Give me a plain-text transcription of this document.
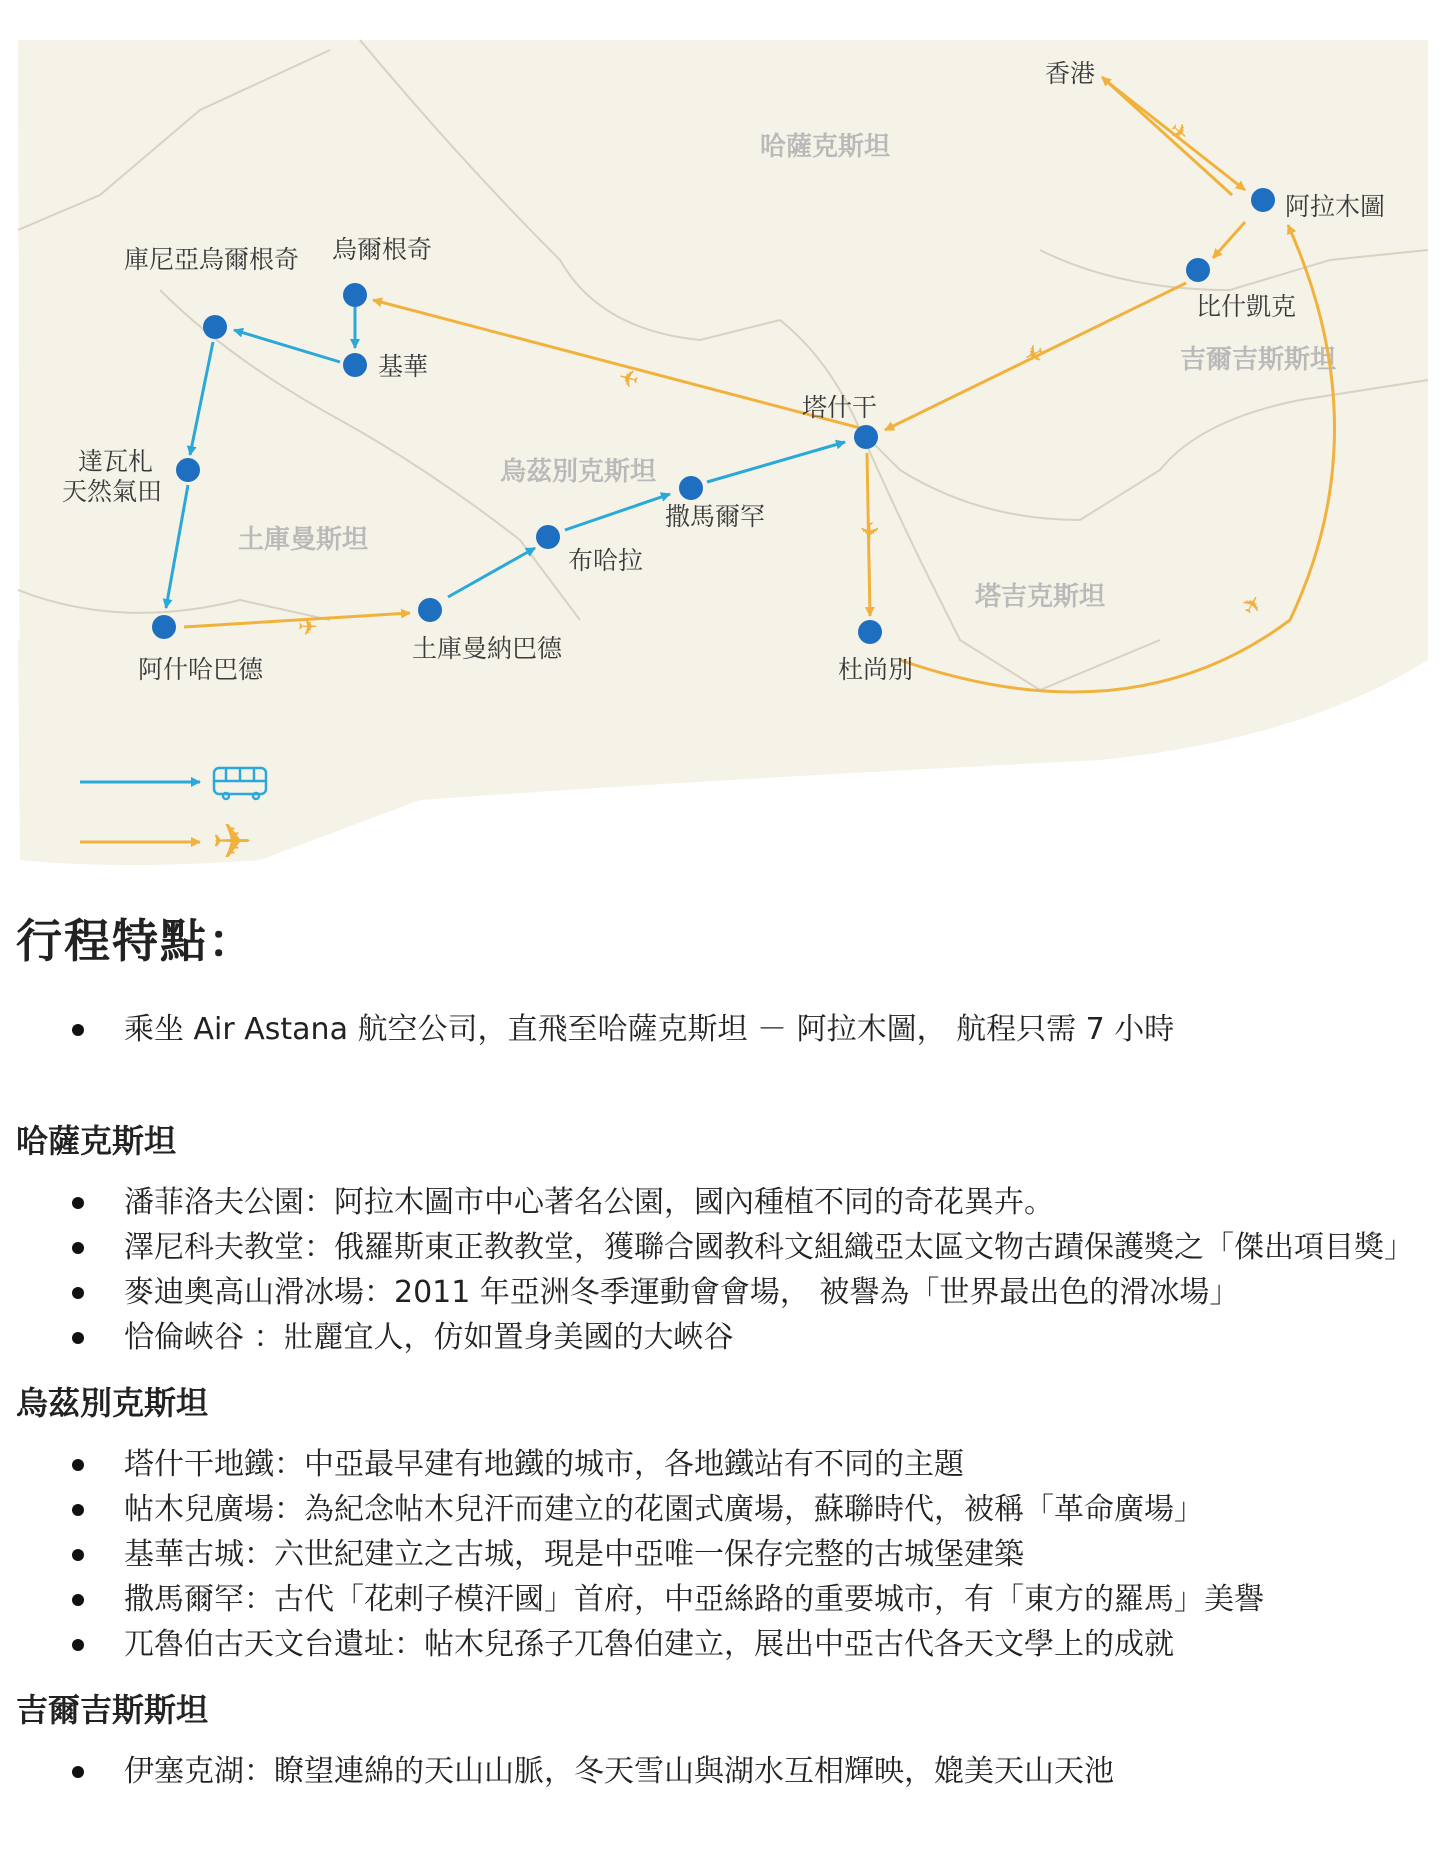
哈薩克斯坦
吉爾吉斯斯坦
烏茲別克斯坦
土庫曼斯坦
塔吉克斯坦
✈
✈
✈
✈
✈
✈
香港
阿拉木圖
比什凱克
塔什干
杜尚別
撒馬爾罕
布哈拉
土庫曼納巴德
阿什哈巴德
達瓦札
天然氣田
庫尼亞烏爾根奇 烏爾根奇
基華
✈
行程特點：
乘坐 Air Astana 航空公司，直飛至哈薩克斯坦 － 阿拉木圖， 航程只需 7 小時
哈薩克斯坦
潘菲洛夫公園：阿拉木圖市中心著名公園，國內種植不同的奇花異卉。
澤尼科夫教堂：俄羅斯東正教教堂，獲聯合國教科文組織亞太區文物古蹟保護獎之「傑出項目獎」
麥迪奧高山滑冰場：2011 年亞洲冬季運動會會場， 被譽為「世界最出色的滑冰場」
恰倫峽谷 ：壯麗宜人，仿如置身美國的大峽谷
烏茲別克斯坦
塔什干地鐵：中亞最早建有地鐵的城市，各地鐵站有不同的主題
帖木兒廣場：為紀念帖木兒汗而建立的花園式廣場，蘇聯時代，被稱「革命廣場」
基華古城：六世紀建立之古城，現是中亞唯一保存完整的古城堡建築
撒馬爾罕：古代「花剌子模汗國」首府，中亞絲路的重要城市，有「東方的羅馬」美譽
兀魯伯古天文台遺址：帖木兒孫子兀魯伯建立，展出中亞古代各天文學上的成就
吉爾吉斯斯坦
伊塞克湖：瞭望連綿的天山山脈，冬天雪山與湖水互相輝映，媲美天山天池
